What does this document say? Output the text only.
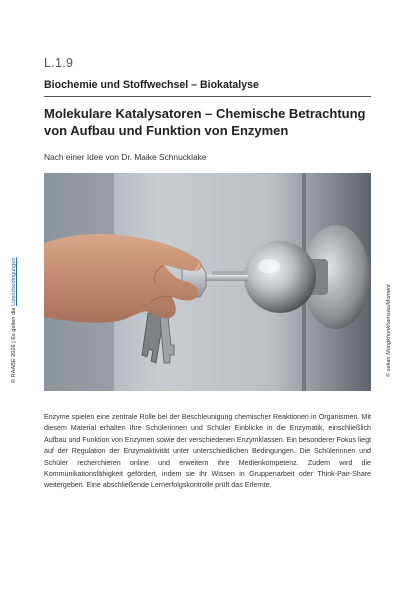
L.1.9
Biochemie und Stoffwechsel – Biokatalyse
Molekulare Katalysatoren – Chemische Betrachtung von Aufbau und Funktion von Enzymen
Nach einer Idee von Dr. Maike Schnucklake
© RAABE 2026 | Es gelten die Lizenzbedingungen
© sekan Mongkhonkhamsao/Moment

Enzyme spielen eine zentrale Rolle bei der Beschleunigung chemischer Reaktionen in Organismen. Mit diesem Material erhalten Ihre Schülerinnen und Schüler Einblicke in die Enzymatik, einschließlich Aufbau und Funktion von Enzymen sowie der verschiedenen Enzymklassen. Ein besonderer Fokus liegt auf der Regulation der Enzymaktivität unter unterschiedlichen Bedingungen. Die Schülerinnen und Schüler recherchieren online und erweitern ihre Medienkompetenz. Zudem wird die Kommunikationsfähigkeit gefördert, indem sie ihr Wissen in Gruppenarbeit oder Think-Pair-Share weitergeben. Eine abschließende Lernerfolgskontrolle prüft das Erlernte.
